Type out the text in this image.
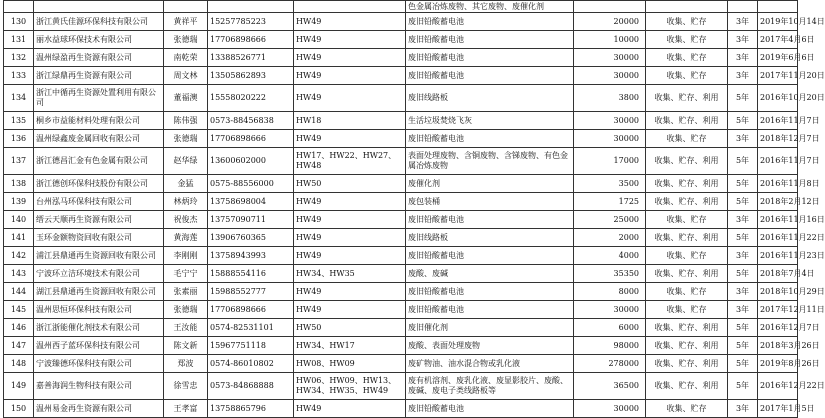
					色金属冶炼废物、其它废物、废催化剂				
130	浙江黄氏佳源环保科技有限公司	黄祥平	15257785223	HW49	废旧铅酸蓄电池	20000	收集、贮存	3年	2019年10月14日
131	丽水益球环保技术有限公司	张德瑞	17706898666	HW49	废旧铅酸蓄电池	10000	收集、贮存	3年	2017年4月6日
132	温州绿盈再生资源有限公司	南乾荣	13388526771	HW49	废旧铅酸蓄电池	30000	收集、贮存	3年	2019年6月6日
133	浙江绿鼎再生资源有限公司	周文林	13505862893	HW49	废旧铅酸蓄电池	30000	收集、贮存	3年	2017年11月20日
134	浙江中循再生资源处置利用有限公司	董福澳	15558020222	HW49	废旧线路板	3800	收集、贮存、利用	5年	2016年10月20日
135	桐乡市益能材料处理有限公司	陈伟强	0573-88456838	HW18	生活垃圾焚烧飞灰	30000	收集、贮存、利用	5年	2016年11月7日
136	温州绿鑫废金属回收有限公司	张德瑞	17706898666	HW49	废旧铅酸蓄电池	30000	收集、贮存	3年	2018年12月7日
137	浙江德昌汇金有色金属有限公司	赵华绿	13600602000	HW17、HW22、HW27、HW48	表面处理废物、含铜废物、含锑废物、有色金属冶炼废物	17000	收集、贮存、利用	5年	2016年11月7日
138	浙江德创环保科技股份有限公司	金猛	0575-88556000	HW50	废催化剂	3500	收集、贮存、利用	5年	2016年11月8日
139	台州泓马环保科技有限公司	林炳玲	13758698004	HW49	废包装桶	1725	收集、贮存、利用	5年	2018年2月12日
140	缙云天顺再生资源有限公司	祝俊杰	13757090711	HW49	废旧铅酸蓄电池	25000	收集、贮存	3年	2016年11月16日
141	玉环金额物资回收有限公司	黄海莲	13906760365	HW49	废旧线路板	2000	收集、贮存、利用	5年	2016年11月22日
142	浦江县鼎通再生资源回收有限公司	李刚刚	13758943993	HW49	废旧铅酸蓄电池	4000	收集、贮存	3年	2016年11月23日
143	宁波环立洁环境技术有限公司	毛宁宁	15888554116	HW34、HW35	废酸、废碱	35350	收集、贮存、利用	5年	2018年7月4日
144	湖江县鼎通再生资源回收有限公司	张素丽	15988552777	HW49	废旧铅酸蓄电池	8000	收集、贮存	3年	2018年10月29日
145	温州思恒环保科技有限公司	张德瑞	17706898666	HW49	废旧铅酸蓄电池	30000	收集、贮存	3年	2017年12月11日
146	浙江浙能催化剂技术有限公司	王汝能	0574-82531101	HW50	废旧催化剂	6000	收集、贮存、利用	5年	2016年12月7日
147	温州西子蓝环保科技有限公司	陈文新	15967751118	HW34、HW17	废酸、表面处理废物	98000	收集、贮存、利用	5年	2018年3月26日
148	宁波臻德环保科技有限公司	郑波	0574-86010802	HW08、HW09	废矿物油、油水混合物或乳化液	278000	收集、贮存、利用	5年	2019年8月26日
149	嘉善海润生物科技有限公司	徐雪忠	0573-84868888	HW06、HW09、HW13、HW34、HW35、HW49	废有机溶剂、废乳化液、废显影胶片、废酸、废碱、废电子类线路板等	36500	收集、贮存、利用	5年	2016年12月22日
150	温州易金再生资源有限公司	王孝富	13758865796	HW49	废旧铅酸蓄电池	30000	收集、贮存	3年	2017年1月5日
